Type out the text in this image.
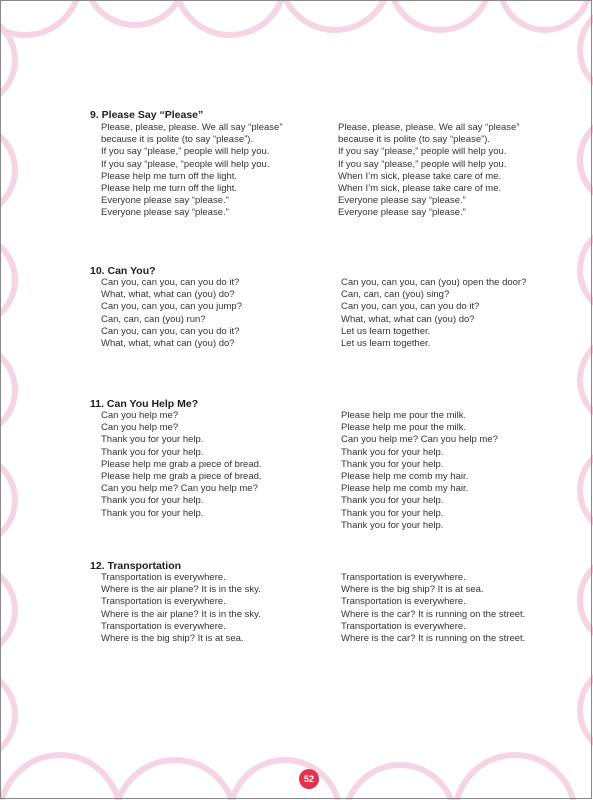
9. Please Say “Please”
Please, please, please. We all say “please”
because it is polite (to say “please”).
If you say “please,” people will help you.
If you say “please, “people will help you.
Please help me turn off the light.
Please help me turn off the light.
Everyone please say “please.”
Everyone please say “please.”
Please, please, please. We all say “please”
because it is polite (to say “please”).
If you say “please,” people will help you.
If you say “please,” people will help you.
When I’m sick, please take care of me.
When I’m sick, please take care of me.
Everyone please say “please.”
Everyone please say “please.”
10. Can You?
Can you, can you, can you do it?
What, what, what can (you) do?
Can you, can you, can you jump?
Can, can, can (you) run?
Can you, can you, can you do it?
What, what, what can (you) do?
Can you, can you, can (you) open the door?
Can, can, can (you) sing?
Can you, can you, can you do it?
What, what, what can (you) do?
Let us learn together.
Let us learn together.
11. Can You Help Me?
Can you help me?
Can you help me?
Thank you for your help.
Thank you for your help.
Please help me grab a piece of bread.
Please help me grab a piece of bread.
Can you help me? Can you help me?
Thank you for your help.
Thank you for your help.
Please help me pour the milk.
Please help me pour the milk.
Can you help me? Can you help me?
Thank you for your help.
Thank you for your help.
Please help me comb my hair.
Please help me comb my hair.
Thank you for your help.
Thank you for your help.
Thank you for your help.
12. Transportation
Transportation is everywhere.
Where is the air plane? It is in the sky.
Transportation is everywhere.
Where is the air plane? It is in the sky.
Transportation is everywhere.
Where is the big ship? It is at sea.
Transportation is everywhere.
Where is the big ship? It is at sea.
Transportation is everywhere.
Where is the car? It is running on the street.
Transportation is everywhere.
Where is the car? It is running on the street.
52
